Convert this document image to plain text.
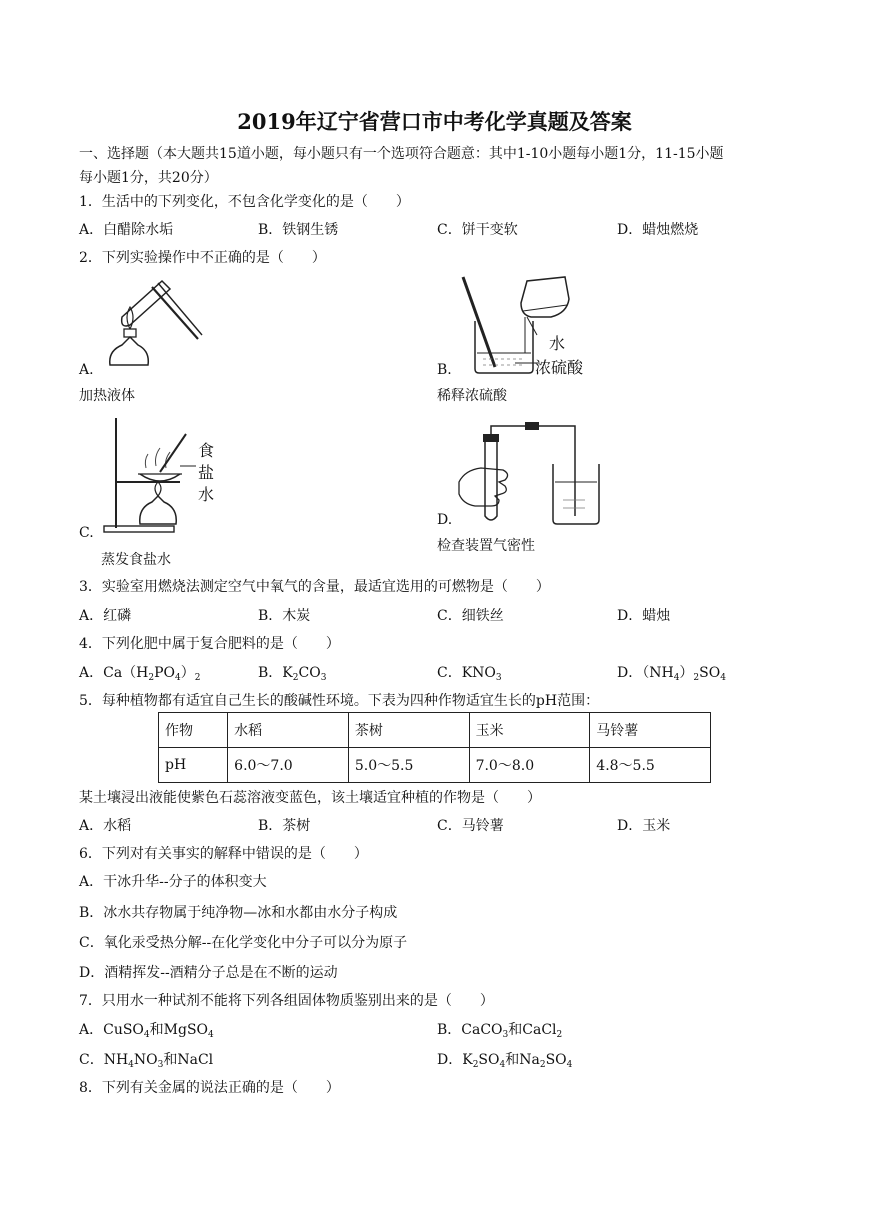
2019年辽宁省营口市中考化学真题及答案
一、选择题（本大题共15道小题，每小题只有一个选项符合题意：其中1-10小题每小题1分，11-15小题
每小题1分，共20分）
1．生活中的下列变化，不包含化学变化的是（　　）
A．白醋除水垢	B．铁钢生锈	C．饼干变软	D．蜡烛燃烧
2．下列实验操作中不正确的是（　　）
A.
加热液体
水
浓硫酸
B.
稀释浓硫酸
食
盐
水
C.
蒸发食盐水
D.
检查装置气密性
3．实验室用燃烧法测定空气中氧气的含量，最适宜选用的可燃物是（　　）
A．红磷	B．木炭	C．细铁丝	D．蜡烛
4．下列化肥中属于复合肥料的是（　　）
A．$Ca(H_2PO_4)_2$	B．$K_2CO_3$	C．$KNO_3$	D．$(NH_4)_2SO_4$
5．每种植物都有适宜自己生长的酸碱性环境。下表为四种作物适宜生长的pH范围：
作物	水稻	茶树	玉米	马铃薯
pH	6.0～7.0	5.0～5.5	7.0～8.0	4.8～5.5
某土壤浸出液能使紫色石蕊溶液变蓝色，该土壤适宜种植的作物是（　　）
A．水稻	B．茶树	C．马铃薯	D．玉米
6．下列对有关事实的解释中错误的是（　　）
A．干冰升华--分子的体积变大
B．冰水共存物属于纯净物—冰和水都由水分子构成
C．氧化汞受热分解--在化学变化中分子可以分为原子
D．酒精挥发--酒精分子总是在不断的运动
7．只用水一种试剂不能将下列各组固体物质鉴别出来的是（　　）
A．CuSO$_4$和MgSO$_4$	B．CaCO$_3$和CaCl$_2$
C．$NH_4NO_3$和NaCl	D．$K_2SO_4$和$Na_2SO_4$
8．下列有关金属的说法正确的是（　　）
